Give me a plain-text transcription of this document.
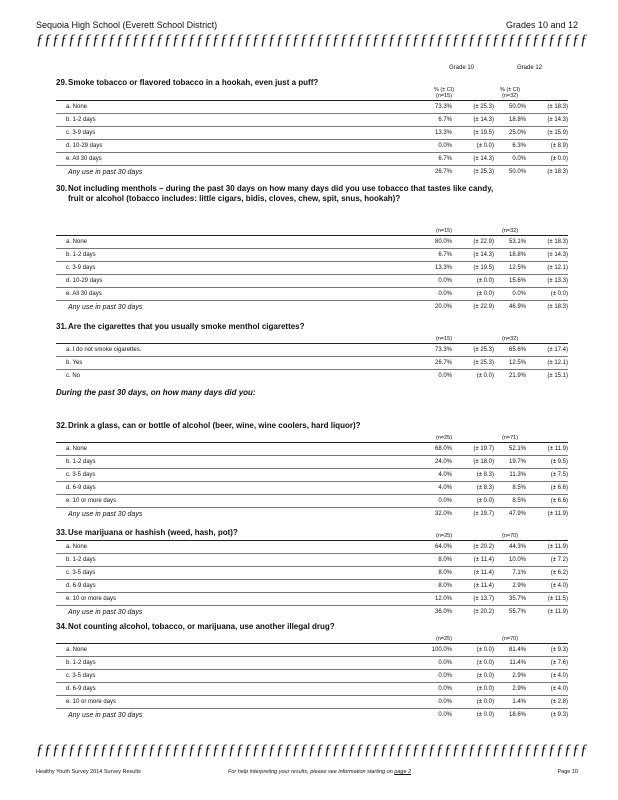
Sequoia High School (Everett School District)	Grades 10 and 12
ƒƒƒƒƒƒƒƒƒƒƒƒƒƒƒƒƒƒƒƒƒƒƒƒƒƒƒƒƒƒƒƒƒƒƒƒƒƒƒƒƒƒƒƒƒƒƒƒƒƒƒƒƒƒƒƒƒƒƒƒƒƒƒƒƒƒƒƒƒ
Grade 10	Grade 12
During the past 30 days, on how many days did you:
29. Smoke tobacco or flavored tobacco in a hookah, even just a puff?
% (± CI)	% (± CI)
(n=15)	(n=32)
a. None	73.3%	(± 25.3)	50.0%	(± 18.3)
b. 1-2 days	6.7%	(± 14.3)	18.8%	(± 14.3)
c. 3-9 days	13.3%	(± 19.5)	25.0%	(± 15.9)
d. 10-29 days	0.0%	(± 0.0)	6.3%	(± 8.9)
e. All 30 days	6.7%	(± 14.3)	0.0%	(± 0.0)
Any use in past 30 days	26.7%	(± 25.3)	50.0%	(± 18.3)
30. Not including menthols – during the past 30 days on how many days did you use tobacco that tastes like candy, fruit or alcohol (tobacco includes: little cigars, bidis, cloves, chew, spit, snus, hookah)?
(n=15)	(n=32)
a. None	80.0%	(± 22.9)	53.1%	(± 18.3)
b. 1-2 days	6.7%	(± 14.3)	18.8%	(± 14.3)
c. 3-9 days	13.3%	(± 19.5)	12.5%	(± 12.1)
d. 10-29 days	0.0%	(± 0.0)	15.6%	(± 13.3)
e. All 30 days	0.0%	(± 0.0)	0.0%	(± 0.0)
Any use in past 30 days	20.0%	(± 22.9)	46.9%	(± 18.3)
31. Are the cigarettes that you usually smoke menthol cigarettes?
(n=15)	(n=32)
a. I do not smoke cigarettes.	73.3%	(± 25.3)	65.6%	(± 17.4)
b. Yes	26.7%	(± 25.3)	12.5%	(± 12.1)
c. No	0.0%	(± 0.0)	21.9%	(± 15.1)
32. Drink a glass, can or bottle of alcohol (beer, wine, wine coolers, hard liquor)?
(n=25)	(n=71)
a. None	68.0%	(± 19.7)	52.1%	(± 11.9)
b. 1-2 days	24.0%	(± 18.0)	19.7%	(± 9.5)
c. 3-5 days	4.0%	(± 8.3)	11.3%	(± 7.5)
d. 6-9 days	4.0%	(± 8.3)	8.5%	(± 6.6)
e. 10 or more days	0.0%	(± 0.0)	8.5%	(± 6.6)
Any use in past 30 days	32.0%	(± 19.7)	47.9%	(± 11.9)
33. Use marijuana or hashish (weed, hash, pot)?	(n=25)	(n=70)
a. None	64.0%	(± 20.2)	44.3%	(± 11.9)
b. 1-2 days	8.0%	(± 11.4)	10.0%	(± 7.2)
c. 3-5 days	8.0%	(± 11.4)	7.1%	(± 6.2)
d. 6-9 days	8.0%	(± 11.4)	2.9%	(± 4.0)
e. 10 or more days	12.0%	(± 13.7)	35.7%	(± 11.5)
Any use in past 30 days	36.0%	(± 20.2)	55.7%	(± 11.9)
34. Not counting alcohol, tobacco, or marijuana, use another illegal drug?
(n=25)	(n=70)
a. None	100.0%	(± 0.0)	81.4%	(± 9.3)
b. 1-2 days	0.0%	(± 0.0)	11.4%	(± 7.6)
c. 3-5 days	0.0%	(± 0.0)	2.9%	(± 4.0)
d. 6-9 days	0.0%	(± 0.0)	2.9%	(± 4.0)
e. 10 or more days	0.0%	(± 0.0)	1.4%	(± 2.8)
Any use in past 30 days	0.0%	(± 0.0)	18.6%	(± 9.3)
ƒƒƒƒƒƒƒƒƒƒƒƒƒƒƒƒƒƒƒƒƒƒƒƒƒƒƒƒƒƒƒƒƒƒƒƒƒƒƒƒƒƒƒƒƒƒƒƒƒƒƒƒƒƒƒƒƒƒƒƒƒƒƒƒƒƒƒƒƒ
Healthy Youth Survey 2014 Survey Results	For help interpreting your results, please see information starting on page 2	Page 10
